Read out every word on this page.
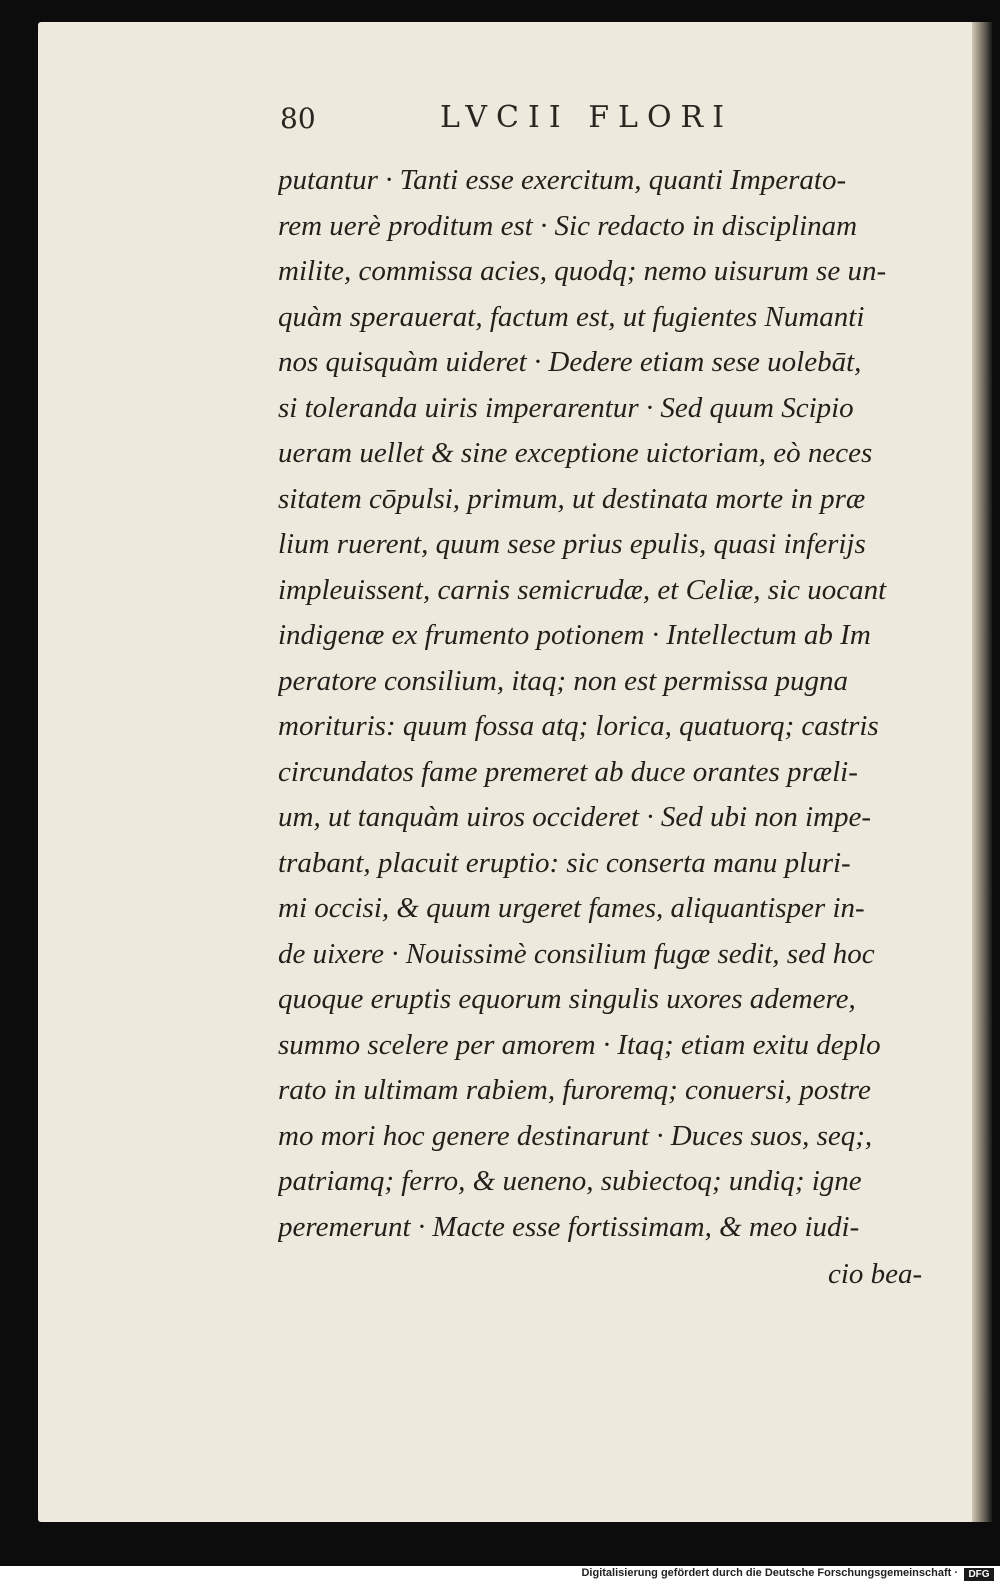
80	LVCII FLORI
putantur · Tanti esse exercitum, quanti Imperato-
rem uerè proditum est · Sic redacto in disciplinam
milite, commissa acies, quodq; nemo uisurum se un-
quàm sperauerat, factum est, ut fugientes Numanti
nos quisquàm uideret · Dedere etiam sese uolebāt,
si toleranda uiris imperarentur · Sed quum Scipio
ueram uellet & sine exceptione uictoriam, eò neces
sitatem cōpulsi, primum, ut destinata morte in præ
lium ruerent, quum sese prius epulis, quasi inferijs
impleuissent, carnis semicrudæ, et Celiæ, sic uocant
indigenæ ex frumento potionem · Intellectum ab Im
peratore consilium, itaq; non est permissa pugna
morituris: quum fossa atq; lorica, quatuorq; castris
circundatos fame premeret ab duce orantes præli-
um, ut tanquàm uiros occideret · Sed ubi non impe-
trabant, placuit eruptio: sic conserta manu pluri-
mi occisi, & quum urgeret fames, aliquantisper in-
de uixere · Nouissimè consilium fugæ sedit, sed hoc
quoque eruptis equorum singulis uxores ademere,
summo scelere per amorem · Itaq; etiam exitu deplo
rato in ultimam rabiem, furoremq; conuersi, postre
mo mori hoc genere destinarunt · Duces suos, seq;,
patriamq; ferro, & ueneno, subiectoq; undiq; igne
peremerunt · Macte esse fortissimam, & meo iudi-
cio bea-
Digitalisierung gefördert durch die Deutsche Forschungsgemeinschaft ·	DFG
